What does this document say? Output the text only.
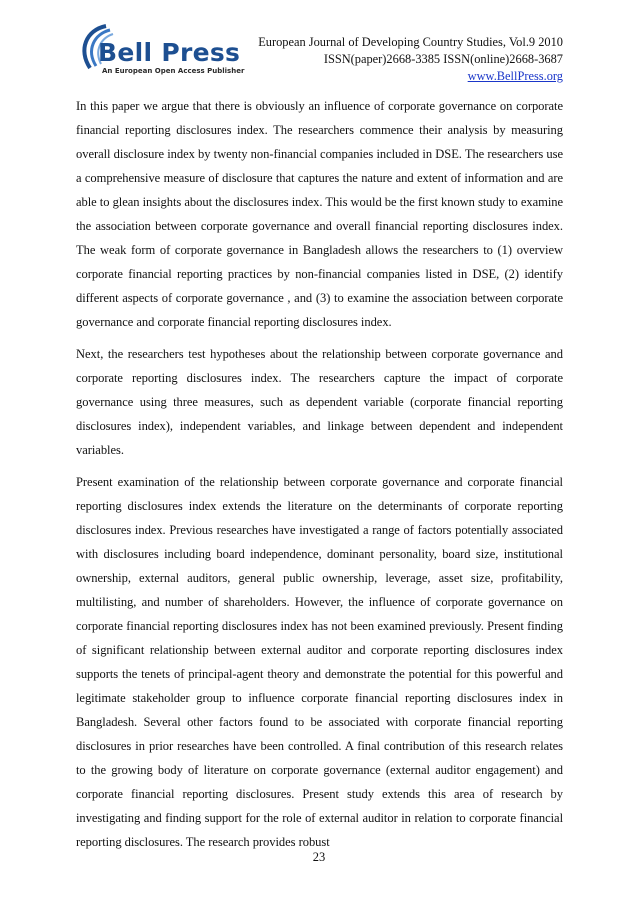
Bell Press
An European Open Access Publisher
European Journal of Developing Country Studies, Vol.9 2010
ISSN(paper)2668-3385 ISSN(online)2668-3687
www.BellPress.org

In this paper we argue that there is obviously an influence of corporate governance on corporate financial reporting disclosures index. The researchers commence their analysis by measuring overall disclosure index by twenty non-financial companies included in DSE. The researchers use a comprehensive measure of disclosure that captures the nature and extent of information and are able to glean insights about the disclosures index. This would be the first known study to examine the association between corporate governance and overall financial reporting disclosures index. The weak form of corporate governance in Bangladesh allows the researchers to (1) overview corporate financial reporting practices by non-financial companies listed in DSE, (2) identify different aspects of corporate governance , and (3) to examine the association between corporate governance and corporate financial reporting disclosures index.

Next, the researchers test hypotheses about the relationship between corporate governance and corporate reporting disclosures index. The researchers capture the impact of corporate governance using three measures, such as dependent variable (corporate financial reporting disclosures index), independent variables, and linkage between dependent and independent variables.

Present examination of the relationship between corporate governance and corporate financial reporting disclosures index extends the literature on the determinants of corporate reporting disclosures index. Previous researches have investigated a range of factors potentially associated with disclosures including board independence, dominant personality, board size, institutional ownership, external auditors, general public ownership, leverage, asset size, profitability, multilisting, and number of shareholders. However, the influence of corporate governance on corporate financial reporting disclosures index has not been examined previously. Present finding of significant relationship between external auditor and corporate reporting disclosures index supports the tenets of principal-agent theory and demonstrate the potential for this powerful and legitimate stakeholder group to influence corporate financial reporting disclosures index in Bangladesh. Several other factors found to be associated with corporate financial reporting disclosures in prior researches have been controlled. A final contribution of this research relates to the growing body of literature on corporate governance (external auditor engagement) and corporate financial reporting disclosures. Present study extends this area of research by investigating and finding support for the role of external auditor in relation to corporate financial reporting disclosures. The research provides robust

23
